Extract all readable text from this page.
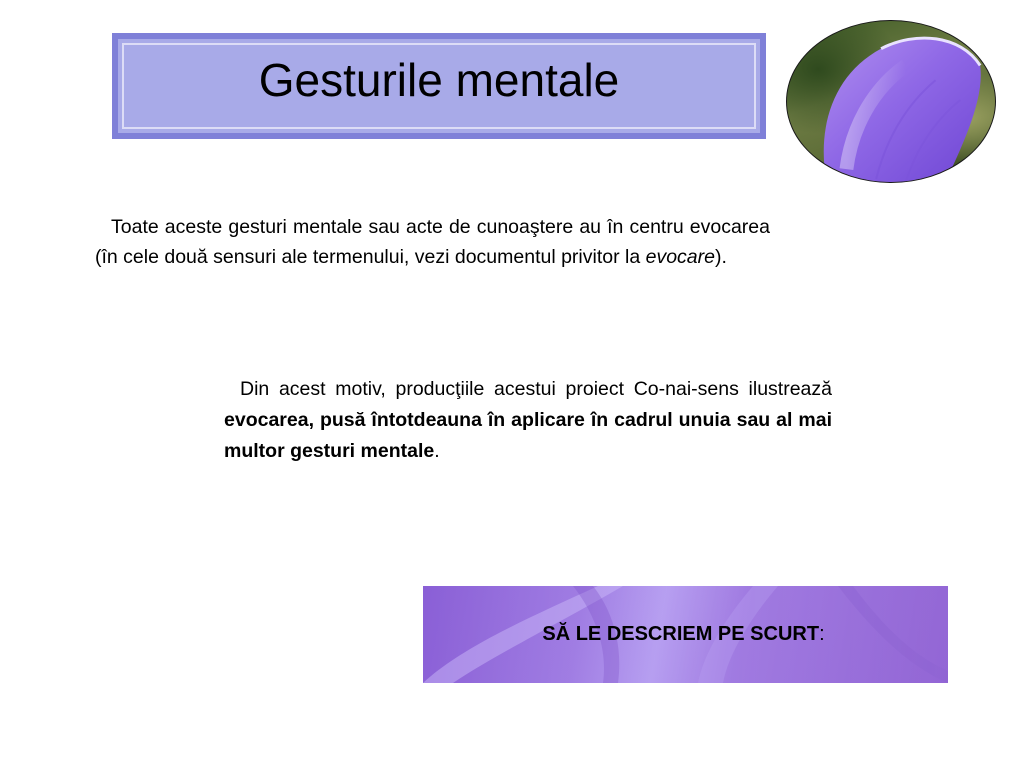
Gesturile mentale
Toate aceste gesturi mentale sau acte de cunoaştere au în centru evocarea (în cele două sensuri ale termenului, vezi documentul privitor la evocare).
Din acest motiv, producţiile acestui proiect Co-nai-sens ilustrează evocarea, pusă întotdeauna în aplicare în cadrul unuia sau al mai multor gesturi mentale.
SĂ LE DESCRIEM PE SCURT:
